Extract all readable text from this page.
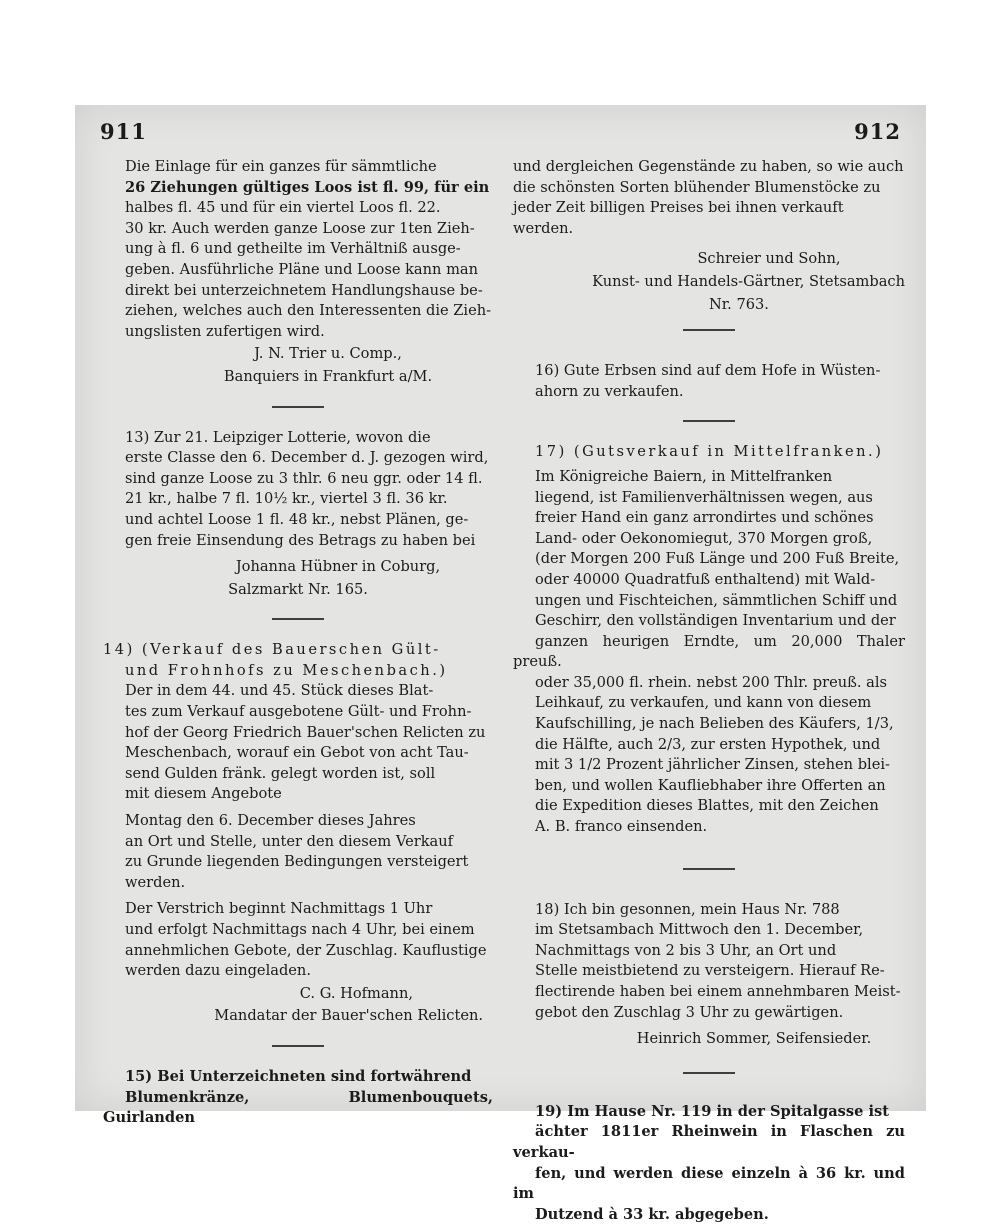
911	912

Die Einlage für ein ganzes für sämmtliche
26 Ziehungen gültiges Loos ist fl. 99, für ein
halbes fl. 45 und für ein viertel Loos fl. 22.
30 kr. Auch werden ganze Loose zur 1ten Zieh-
ung à fl. 6 und getheilte im Verhältniß ausge-
geben. Ausführliche Pläne und Loose kann man
direkt bei unterzeichnetem Handlungshause be-
ziehen, welches auch den Interessenten die Zieh-
ungslisten zufertigen wird.

J. N. Trier u. Comp.,
Banquiers in Frankfurt a/M.

13) Zur 21. Leipziger Lotterie, wovon die
erste Classe den 6. December d. J. gezogen wird,
sind ganze Loose zu 3 thlr. 6 neu ggr. oder 14 fl.
21 kr., halbe 7 fl. 10½ kr., viertel 3 fl. 36 kr.
und achtel Loose 1 fl. 48 kr., nebst Plänen, ge-
gen freie Einsendung des Betrags zu haben bei

Johanna Hübner in Coburg,
Salzmarkt Nr. 165.

14) (Verkauf des Bauerschen Gült-

und Frohnhofs zu Meschenbach.)

Der in dem 44. und 45. Stück dieses Blat-
tes zum Verkauf ausgebotene Gült- und Frohn-
hof der Georg Friedrich Bauer'schen Relicten zu
Meschenbach, worauf ein Gebot von acht Tau-
send Gulden fränk. gelegt worden ist, soll
mit diesem Angebote

Montag den 6. December dieses Jahres
an Ort und Stelle, unter den diesem Verkauf
zu Grunde liegenden Bedingungen versteigert
werden.

Der Verstrich beginnt Nachmittags 1 Uhr
und erfolgt Nachmittags nach 4 Uhr, bei einem
annehmlichen Gebote, der Zuschlag. Kauflustige
werden dazu eingeladen.

C. G. Hofmann,
Mandatar der Bauer'schen Relicten.

15) Bei Unterzeichneten sind fortwährend
Blumenkränze, Blumenbouquets, Guirlanden

und dergleichen Gegenstände zu haben, so wie auch
die schönsten Sorten blühender Blumenstöcke zu
jeder Zeit billigen Preises bei ihnen verkauft
werden.

Schreier und Sohn,
Kunst- und Handels-Gärtner, Stetsambach
Nr. 763.

16) Gute Erbsen sind auf dem Hofe in Wüsten-
ahorn zu verkaufen.

17) (Gutsverkauf in Mittelfranken.)

Im Königreiche Baiern, in Mittelfranken
liegend, ist Familienverhältnissen wegen, aus
freier Hand ein ganz arrondirtes und schönes
Land- oder Oekonomiegut, 370 Morgen groß,
(der Morgen 200 Fuß Länge und 200 Fuß Breite,
oder 40000 Quadratfuß enthaltend) mit Wald-
ungen und Fischteichen, sämmtlichen Schiff und
Geschirr, den vollständigen Inventarium und der
ganzen heurigen Erndte, um 20,000 Thaler preuß.
oder 35,000 fl. rhein. nebst 200 Thlr. preuß. als
Leihkauf, zu verkaufen, und kann von diesem
Kaufschilling, je nach Belieben des Käufers, 1/3,
die Hälfte, auch 2/3, zur ersten Hypothek, und
mit 3 1/2 Prozent jährlicher Zinsen, stehen blei-
ben, und wollen Kaufliebhaber ihre Offerten an
die Expedition dieses Blattes, mit den Zeichen
A. B. franco einsenden.

18) Ich bin gesonnen, mein Haus Nr. 788
im Stetsambach Mittwoch den 1. December,
Nachmittags von 2 bis 3 Uhr, an Ort und
Stelle meistbietend zu versteigern. Hierauf Re-
flectirende haben bei einem annehmbaren Meist-
gebot den Zuschlag 3 Uhr zu gewärtigen.

Heinrich Sommer, Seifensieder.

19) Im Hause Nr. 119 in der Spitalgasse ist
ächter 1811er Rheinwein in Flaschen zu verkau-
fen, und werden diese einzeln à 36 kr. und im
Dutzend à 33 kr. abgegeben.
